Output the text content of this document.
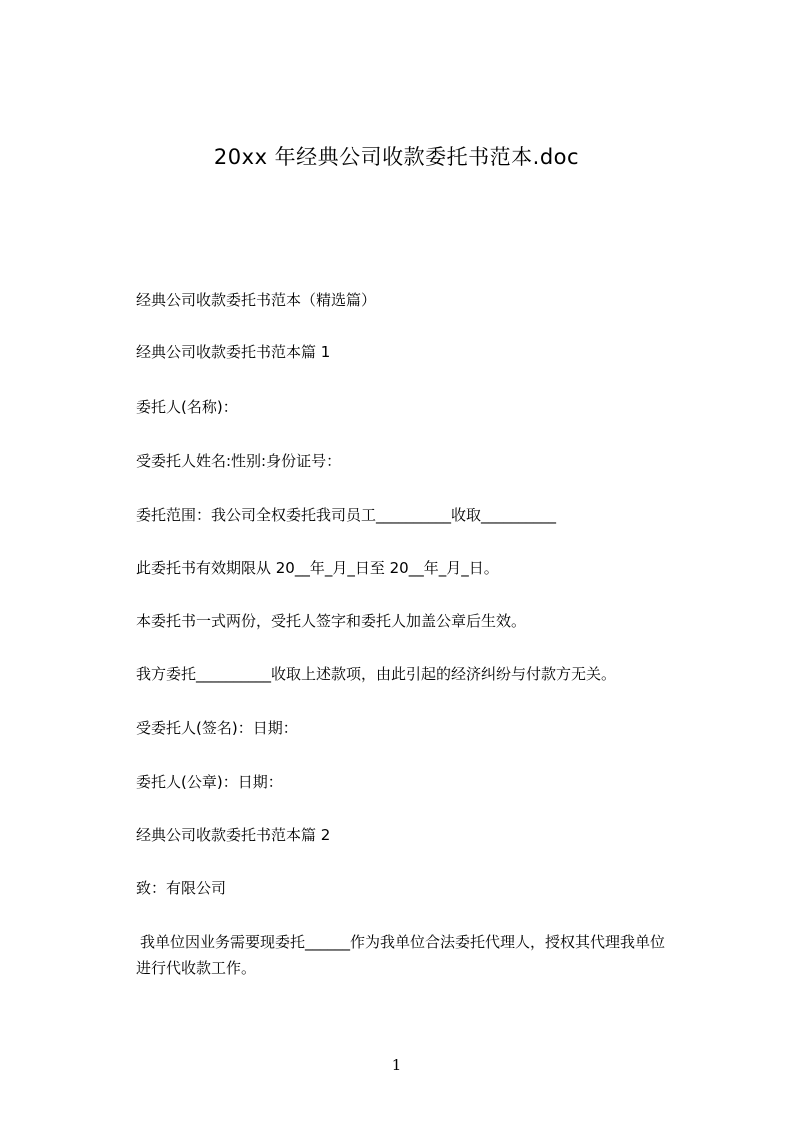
20xx 年经典公司收款委托书范本.doc
经典公司收款委托书范本（精选篇）
经典公司收款委托书范本篇 1
委托人(名称)：
受委托人姓名:性别:身份证号：
委托范围：我公司全权委托我司员工__________收取__________
此委托书有效期限从 20__年_月_日至 20__年_月_日。
本委托书一式两份，受托人签字和委托人加盖公章后生效。
我方委托__________收取上述款项，由此引起的经济纠纷与付款方无关。
受委托人(签名)：日期：
委托人(公章)：日期：
经典公司收款委托书范本篇 2
致：有限公司
我单位因业务需要现委托______作为我单位合法委托代理人，授权其代理我单位
进行代收款工作。
1
